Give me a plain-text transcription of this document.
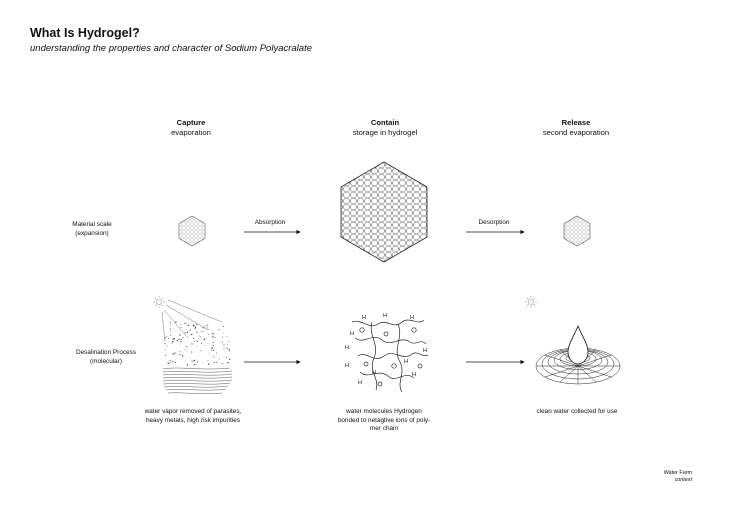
What Is Hydrogel?
understanding the properties and character of Sodium Polyacralate
Capture
evaporation
Contain
storage in hydrogel
Release
second evaporation
Material scale
(expansion)
Desalination Process
(molecular)
Absorption	Desorption
water vapor removed of parasites,
heavy metals, high risk impurities
water molecules Hydrogen
bonded to netagtive ions of poly-
mer chain
clean water collected for use
Water Farm
context
H	H	H
H
H	H
H
H
H	H
H
